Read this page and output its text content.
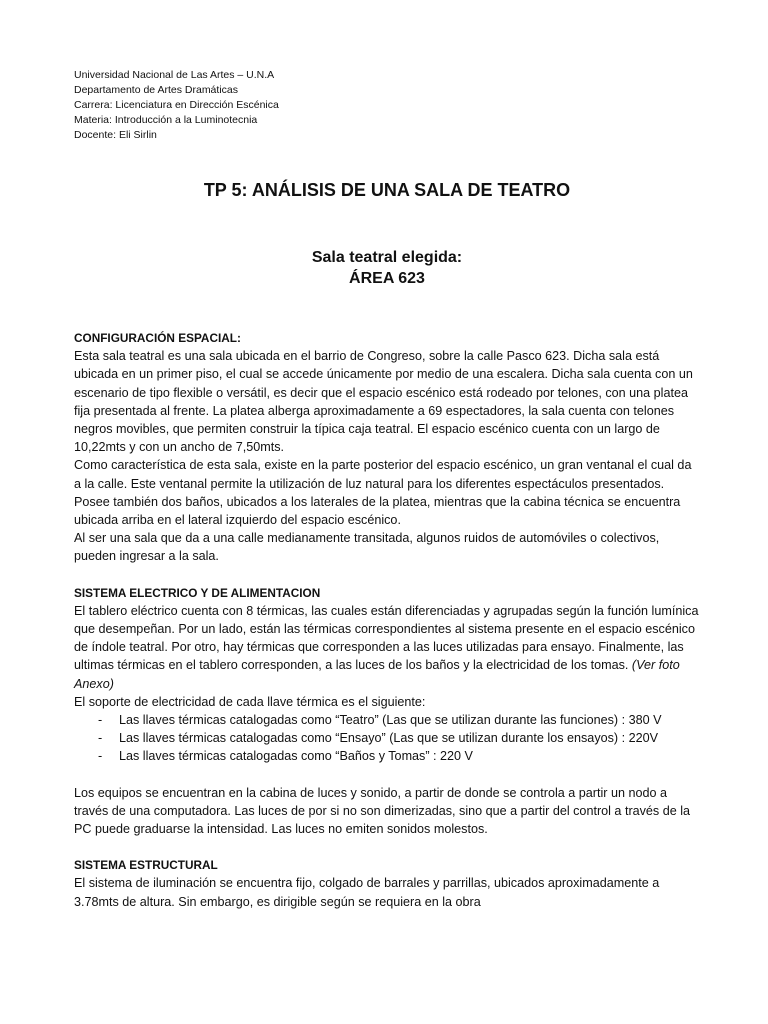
Universidad Nacional de Las Artes – U.N.A
Departamento de Artes Dramáticas
Carrera: Licenciatura en Dirección Escénica
Materia: Introducción a la Luminotecnia
Docente: Eli Sirlin
TP 5: ANÁLISIS DE UNA SALA DE TEATRO
Sala teatral elegida:
ÁREA 623
CONFIGURACIÓN ESPACIAL:
Esta sala teatral es una sala ubicada en el barrio de Congreso, sobre la calle Pasco 623. Dicha sala está ubicada en un primer piso, el cual se accede únicamente por medio de una escalera. Dicha sala cuenta con un escenario de tipo flexible o versátil, es decir que el espacio escénico está rodeado por telones, con una platea fija presentada al frente. La platea alberga aproximadamente a 69 espectadores, la sala cuenta con telones negros movibles, que permiten construir la típica caja teatral. El espacio escénico cuenta con un largo de 10,22mts y con un ancho de 7,50mts.
Como característica de esta sala, existe en la parte posterior del espacio escénico, un gran ventanal el cual da a la calle. Este ventanal permite la utilización de luz natural para los diferentes espectáculos presentados. Posee también dos baños, ubicados a los laterales de la platea, mientras que la cabina técnica se encuentra ubicada arriba en el lateral izquierdo del espacio escénico.
Al ser una sala que da a una calle medianamente transitada, algunos ruidos de automóviles o colectivos, pueden ingresar a la sala.
SISTEMA ELECTRICO Y DE ALIMENTACION
El tablero eléctrico cuenta con 8 térmicas, las cuales están diferenciadas y agrupadas según la función lumínica que desempeñan. Por un lado, están las térmicas correspondientes al sistema presente en el espacio escénico de índole teatral. Por otro, hay térmicas que corresponden a las luces utilizadas para ensayo. Finalmente, las ultimas térmicas en el tablero corresponden, a las luces de los baños y la electricidad de los tomas. (Ver foto Anexo)
El soporte de electricidad de cada llave térmica es el siguiente:
- Las llaves térmicas catalogadas como “Teatro” (Las que se utilizan durante las funciones) : 380 V
- Las llaves térmicas catalogadas como “Ensayo” (Las que se utilizan durante los ensayos) : 220V
- Las llaves térmicas catalogadas como “Baños y Tomas” : 220 V
Los equipos se encuentran en la cabina de luces y sonido, a partir de donde se controla a partir un nodo a través de una computadora. Las luces de por si no son dimerizadas, sino que a partir del control a través de la PC puede graduarse la intensidad. Las luces no emiten sonidos molestos.
SISTEMA ESTRUCTURAL
El sistema de iluminación se encuentra fijo, colgado de barrales y parrillas, ubicados aproximadamente a 3.78mts de altura. Sin embargo, es dirigible según se requiera en la obra
